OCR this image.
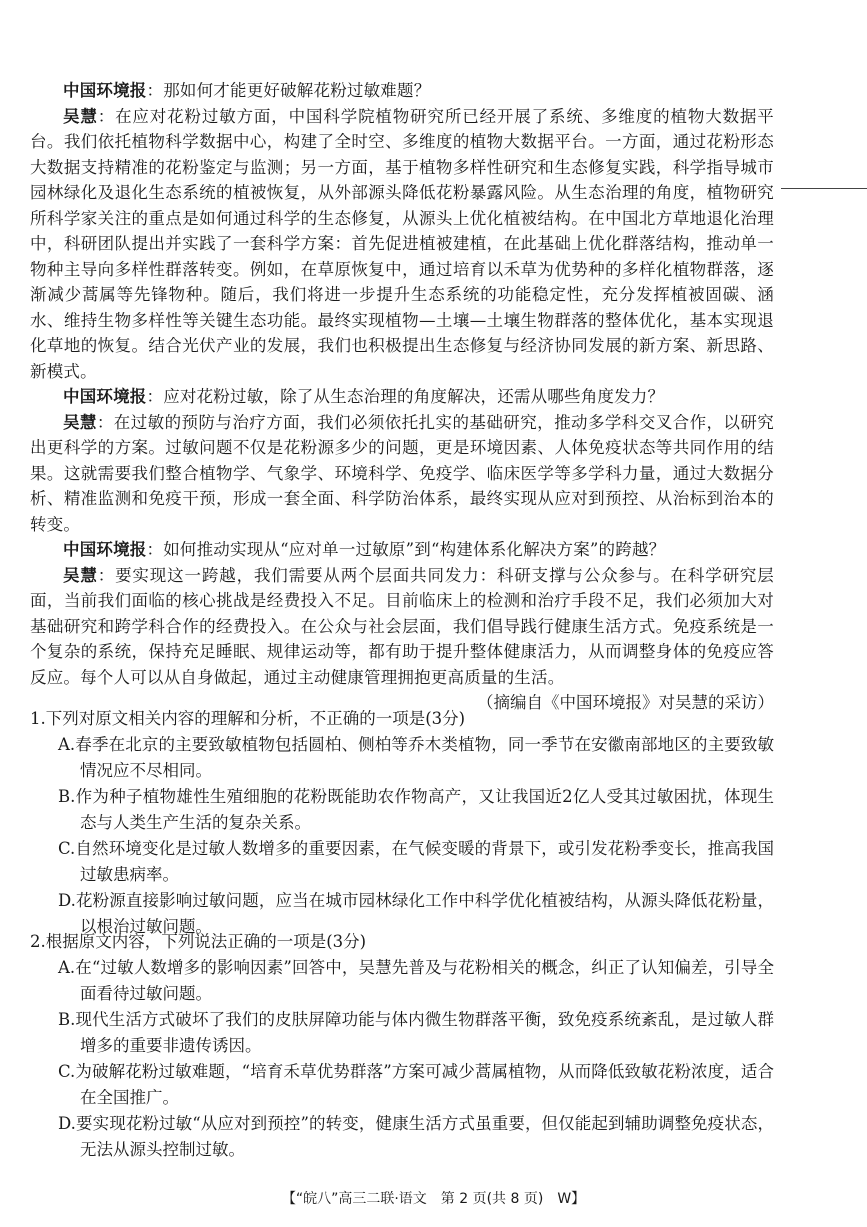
中国环境报：那如何才能更好破解花粉过敏难题？

吴慧：在应对花粉过敏方面，中国科学院植物研究所已经开展了系统、多维度的植物大数据平台。我们依托植物科学数据中心，构建了全时空、多维度的植物大数据平台。一方面，通过花粉形态大数据支持精准的花粉鉴定与监测；另一方面，基于植物多样性研究和生态修复实践，科学指导城市园林绿化及退化生态系统的植被恢复，从外部源头降低花粉暴露风险。从生态治理的角度，植物研究所科学家关注的重点是如何通过科学的生态修复，从源头上优化植被结构。在中国北方草地退化治理中，科研团队提出并实践了一套科学方案：首先促进植被建植，在此基础上优化群落结构，推动单一物种主导向多样性群落转变。例如，在草原恢复中，通过培育以禾草为优势种的多样化植物群落，逐渐减少蒿属等先锋物种。随后，我们将进一步提升生态系统的功能稳定性，充分发挥植被固碳、涵水、维持生物多样性等关键生态功能。最终实现植物—土壤—土壤生物群落的整体优化，基本实现退化草地的恢复。结合光伏产业的发展，我们也积极提出生态修复与经济协同发展的新方案、新思路、新模式。

中国环境报：应对花粉过敏，除了从生态治理的角度解决，还需从哪些角度发力？

吴慧：在过敏的预防与治疗方面，我们必须依托扎实的基础研究，推动多学科交叉合作，以研究出更科学的方案。过敏问题不仅是花粉源多少的问题，更是环境因素、人体免疫状态等共同作用的结果。这就需要我们整合植物学、气象学、环境科学、免疫学、临床医学等多学科力量，通过大数据分析、精准监测和免疫干预，形成一套全面、科学防治体系，最终实现从应对到预控、从治标到治本的转变。

中国环境报：如何推动实现从“应对单一过敏原”到“构建体系化解决方案”的跨越？

吴慧：要实现这一跨越，我们需要从两个层面共同发力：科研支撑与公众参与。在科学研究层面，当前我们面临的核心挑战是经费投入不足。目前临床上的检测和治疗手段不足，我们必须加大对基础研究和跨学科合作的经费投入。在公众与社会层面，我们倡导践行健康生活方式。免疫系统是一个复杂的系统，保持充足睡眠、规律运动等，都有助于提升整体健康活力，从而调整身体的免疫应答反应。每个人可以从自身做起，通过主动健康管理拥抱更高质量的生活。

（摘编自《中国环境报》对吴慧的采访）

1.下列对原文相关内容的理解和分析，不正确的一项是(3分)

A.春季在北京的主要致敏植物包括圆柏、侧柏等乔木类植物，同一季节在安徽南部地区的主要致敏情况应不尽相同。

B.作为种子植物雄性生殖细胞的花粉既能助农作物高产，又让我国近2亿人受其过敏困扰，体现生态与人类生产生活的复杂关系。

C.自然环境变化是过敏人数增多的重要因素，在气候变暖的背景下，或引发花粉季变长，推高我国过敏患病率。

D.花粉源直接影响过敏问题，应当在城市园林绿化工作中科学优化植被结构，从源头降低花粉量，以根治过敏问题。

2.根据原文内容，下列说法正确的一项是(3分)

A.在“过敏人数增多的影响因素”回答中，吴慧先普及与花粉相关的概念，纠正了认知偏差，引导全面看待过敏问题。

B.现代生活方式破坏了我们的皮肤屏障功能与体内微生物群落平衡，致免疫系统紊乱，是过敏人群增多的重要非遗传诱因。

C.为破解花粉过敏难题，“培育禾草优势群落”方案可减少蒿属植物，从而降低致敏花粉浓度，适合在全国推广。

D.要实现花粉过敏“从应对到预控”的转变，健康生活方式虽重要，但仅能起到辅助调整免疫状态，无法从源头控制过敏。

【“皖八”高三二联·语文　第 2 页(共 8 页)　W】
